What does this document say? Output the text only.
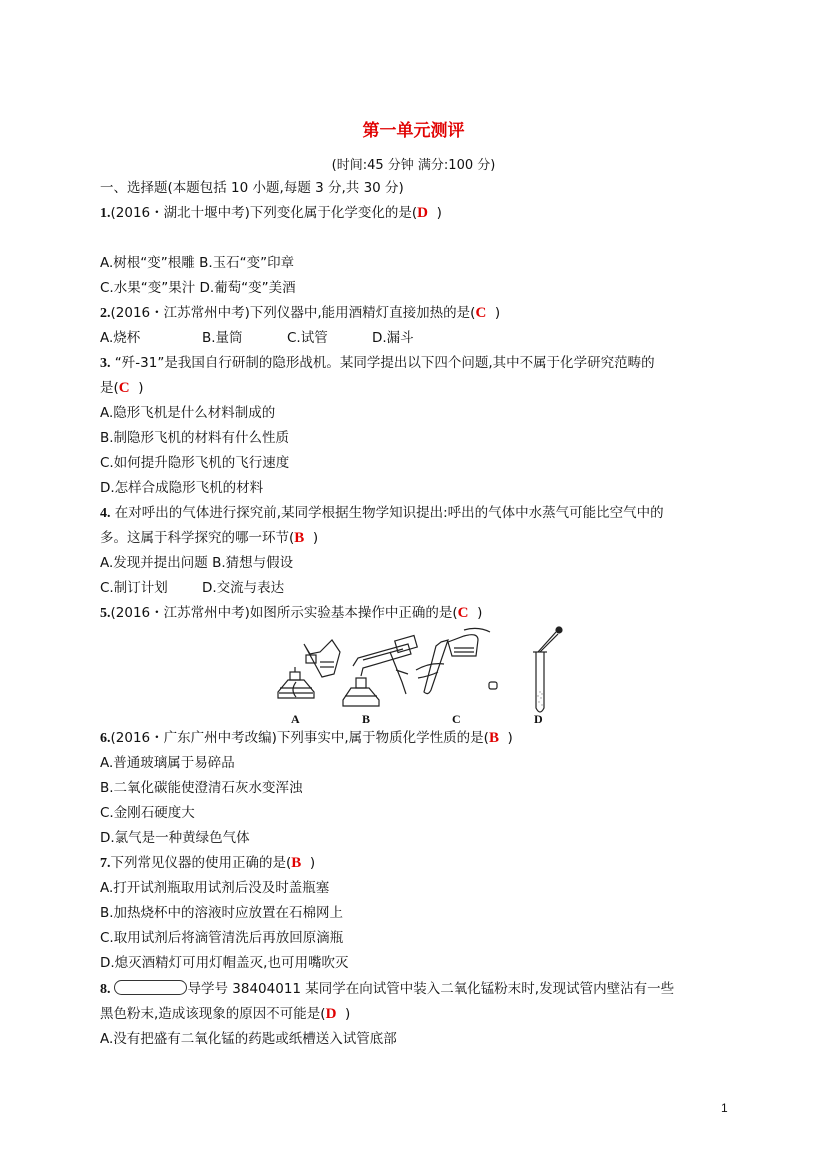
第一单元测评
(时间:45 分钟 满分:100 分)
一、选择题(本题包括 10 小题,每题 3 分,共 30 分)
1.(2016・湖北十堰中考)下列变化属于化学变化的是(D  )
A.树根“变”根雕 B.玉石“变”印章
C.水果“变”果汁 D.葡萄“变”美酒
2.(2016・江苏常州中考)下列仪器中,能用酒精灯直接加热的是(C  )
A.烧杯	B.量筒	C.试管	D.漏斗
3. “歼-31”是我国自行研制的隐形战机。某同学提出以下四个问题,其中不属于化学研究范畴的
是(C  )
A.隐形飞机是什么材料制成的
B.制隐形飞机的材料有什么性质
C.如何提升隐形飞机的飞行速度
D.怎样合成隐形飞机的材料
4. 在对呼出的气体进行探究前,某同学根据生物学知识提出:呼出的气体中水蒸气可能比空气中的
多。这属于科学探究的哪一环节(B  )
A.发现并提出问题 B.猜想与假设
C.制订计划	D.交流与表达
5.(2016・江苏常州中考)如图所示实验基本操作中正确的是(C  )
A	B	C	D
6.(2016・广东广州中考改编)下列事实中,属于物质化学性质的是(B  )
A.普通玻璃属于易碎品
B.二氧化碳能使澄清石灰水变浑浊
C.金刚石硬度大
D.氯气是一种黄绿色气体
7.下列常见仪器的使用正确的是(B  )
A.打开试剂瓶取用试剂后没及时盖瓶塞
B.加热烧杯中的溶液时应放置在石棉网上
C.取用试剂后将滴管清洗后再放回原滴瓶
D.熄灭酒精灯可用灯帽盖灭,也可用嘴吹灭
8.	导学号 38404011 某同学在向试管中装入二氧化锰粉末时,发现试管内壁沾有一些
黑色粉末,造成该现象的原因不可能是(D  )
A.没有把盛有二氧化锰的药匙或纸槽送入试管底部
1
